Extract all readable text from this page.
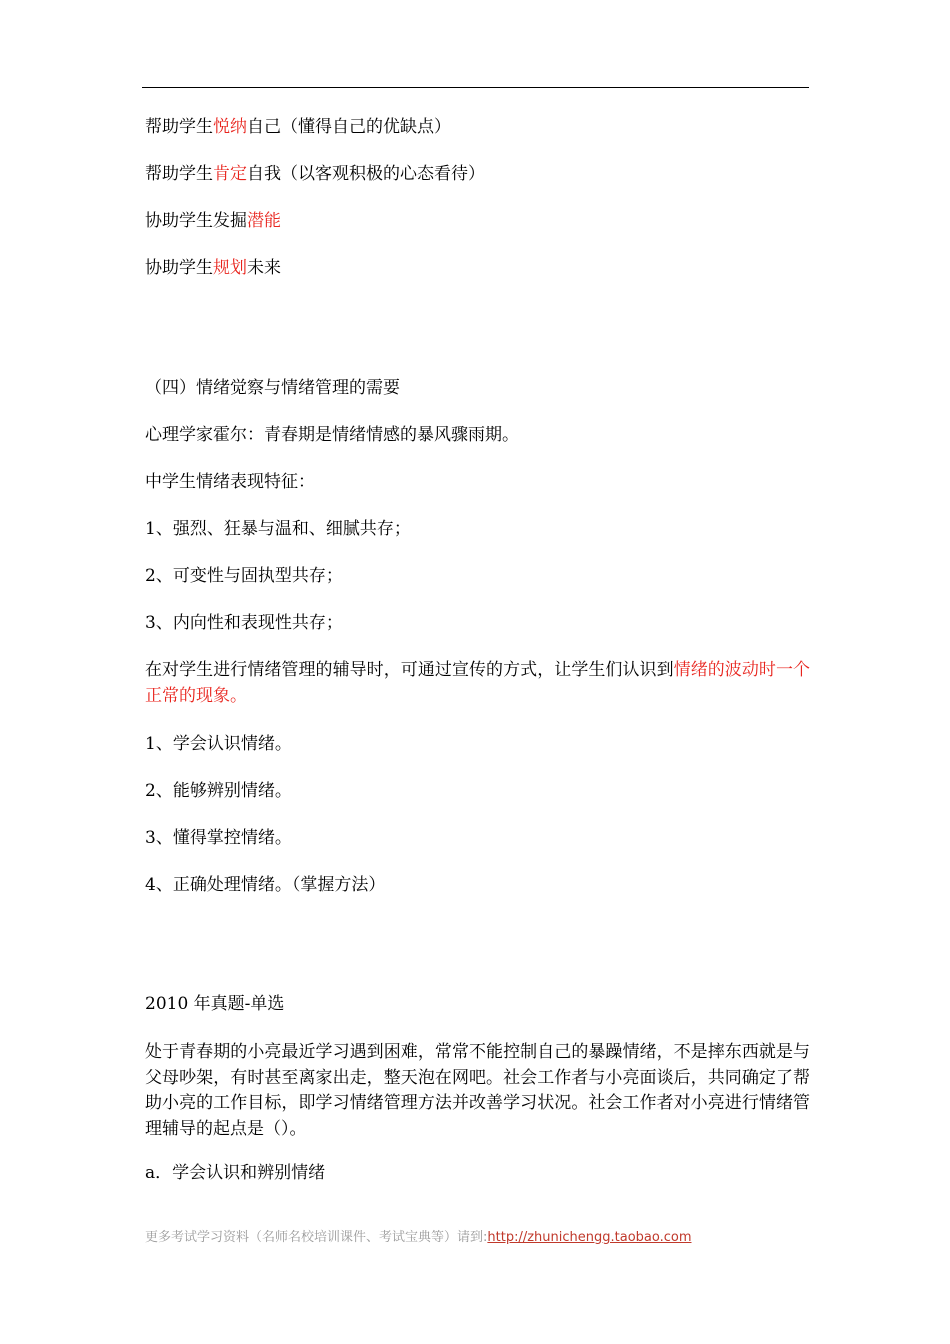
帮助学生悦纳自己（懂得自己的优缺点）
帮助学生肯定自我（以客观积极的心态看待）
协助学生发掘潜能
协助学生规划未来
（四）情绪觉察与情绪管理的需要
心理学家霍尔：青春期是情绪情感的暴风骤雨期。
中学生情绪表现特征：
1、强烈、狂暴与温和、细腻共存；
2、可变性与固执型共存；
3、内向性和表现性共存；
在对学生进行情绪管理的辅导时，可通过宣传的方式，让学生们认识到情绪的波动时一个正常的现象。
1、学会认识情绪。
2、能够辨别情绪。
3、懂得掌控情绪。
4、正确处理情绪。（掌握方法）
2010 年真题-单选
处于青春期的小亮最近学习遇到困难，常常不能控制自己的暴躁情绪，不是摔东西就是与父母吵架，有时甚至离家出走，整天泡在网吧。社会工作者与小亮面谈后，共同确定了帮助小亮的工作目标，即学习情绪管理方法并改善学习状况。社会工作者对小亮进行情绪管理辅导的起点是（）。
a．学会认识和辨别情绪
更多考试学习资料（名师名校培训课件、考试宝典等）请到:http://zhunichengg.taobao.com
